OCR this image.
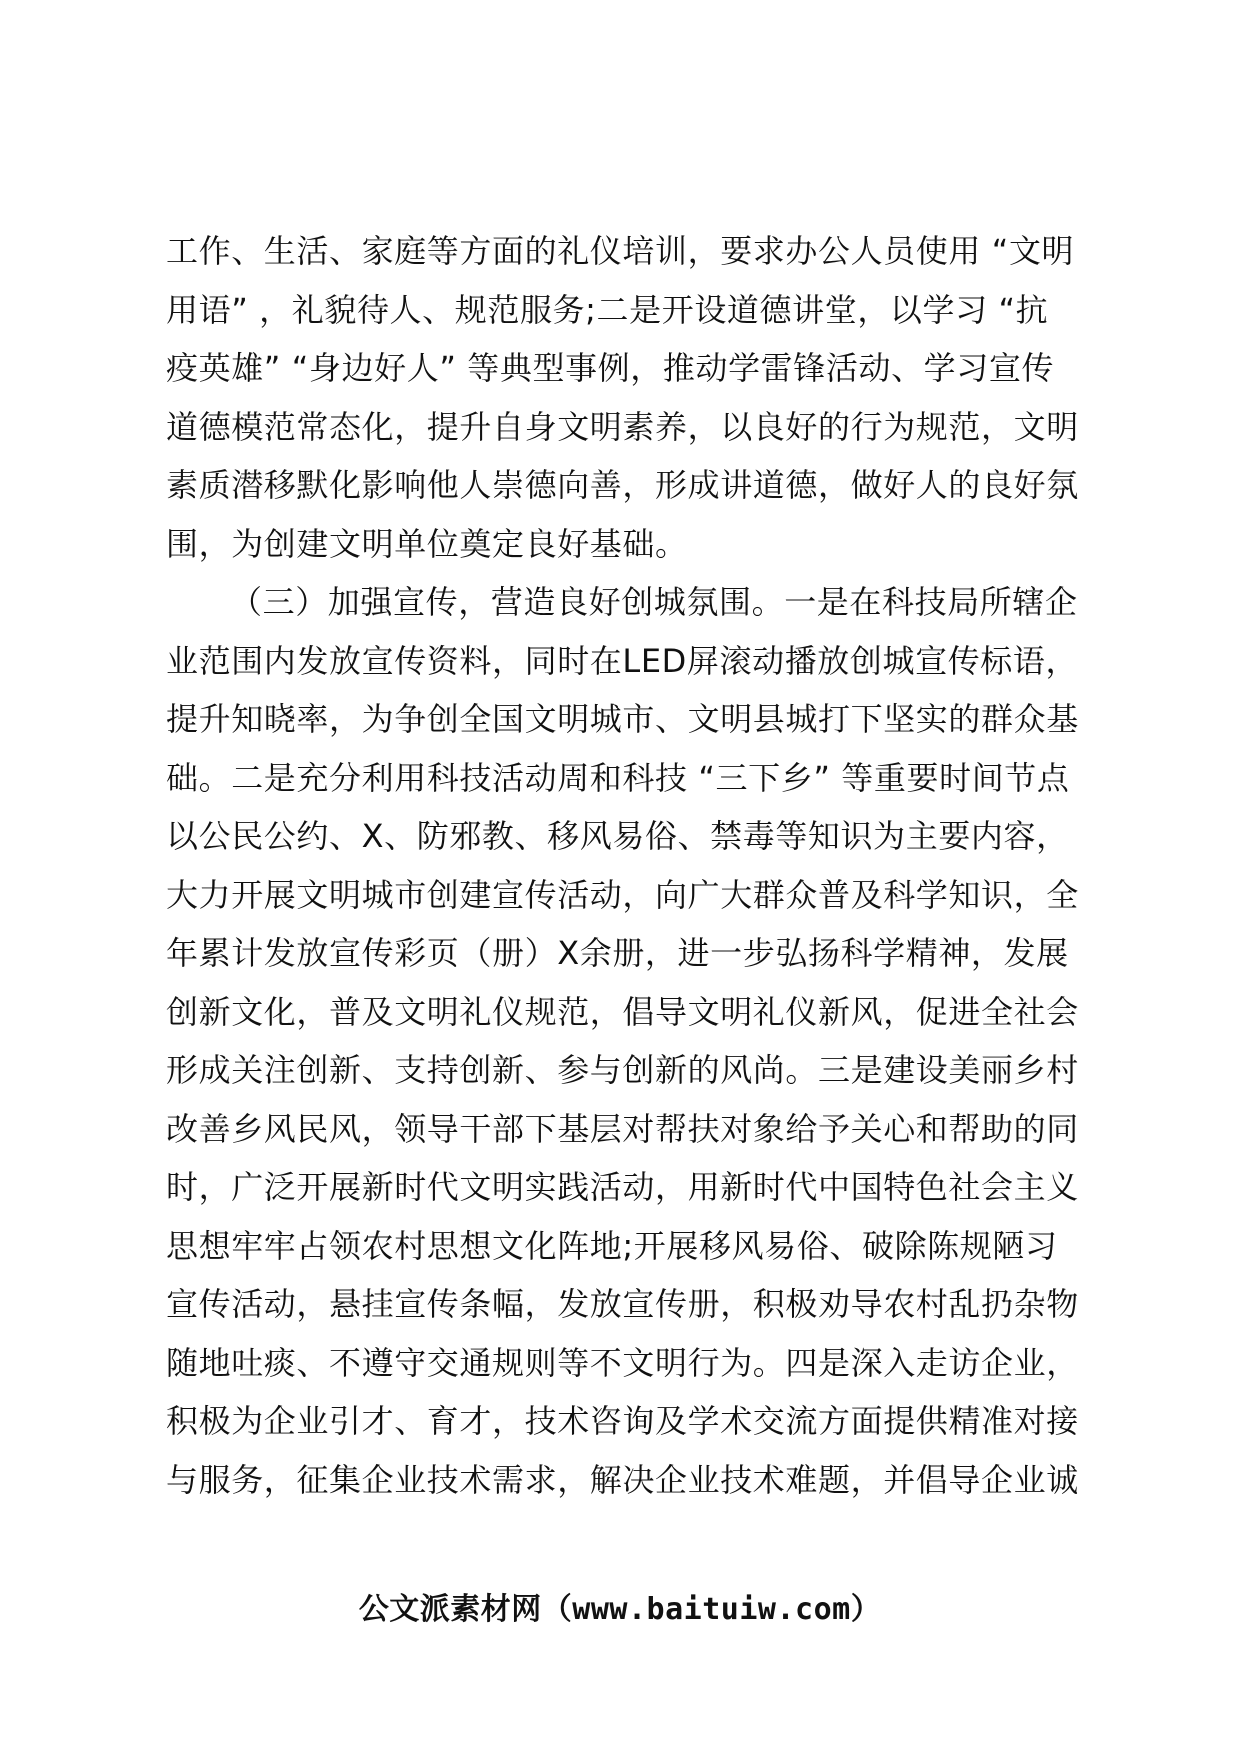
工作、生活、家庭等方面的礼仪培训，要求办公人员使用 “文明
用语” ，礼貌待人、规范服务;二是开设道德讲堂，以学习 “抗
疫英雄” “身边好人” 等典型事例，推动学雷锋活动、学习宣传
道德模范常态化，提升自身文明素养，以良好的行为规范，文明
素质潜移默化影响他人崇德向善，形成讲道德，做好人的良好氛
围，为创建文明单位奠定良好基础。
（三）加强宣传，营造良好创城氛围。一是在科技局所辖企
业范围内发放宣传资料，同时在LED屏滚动播放创城宣传标语，
提升知晓率，为争创全国文明城市、文明县城打下坚实的群众基
础。二是充分利用科技活动周和科技 “三下乡” 等重要时间节点
以公民公约、X、防邪教、移风易俗、禁毒等知识为主要内容，
大力开展文明城市创建宣传活动，向广大群众普及科学知识，全
年累计发放宣传彩页（册）X余册，进一步弘扬科学精神，发展
创新文化，普及文明礼仪规范，倡导文明礼仪新风，促进全社会
形成关注创新、支持创新、参与创新的风尚。三是建设美丽乡村
改善乡风民风，领导干部下基层对帮扶对象给予关心和帮助的同
时，广泛开展新时代文明实践活动，用新时代中国特色社会主义
思想牢牢占领农村思想文化阵地;开展移风易俗、破除陈规陋习
宣传活动，悬挂宣传条幅，发放宣传册，积极劝导农村乱扔杂物
随地吐痰、不遵守交通规则等不文明行为。四是深入走访企业，
积极为企业引才、育才，技术咨询及学术交流方面提供精准对接
与服务，征集企业技术需求，解决企业技术难题，并倡导企业诚
公文派素材网（www.baituiw.com）
